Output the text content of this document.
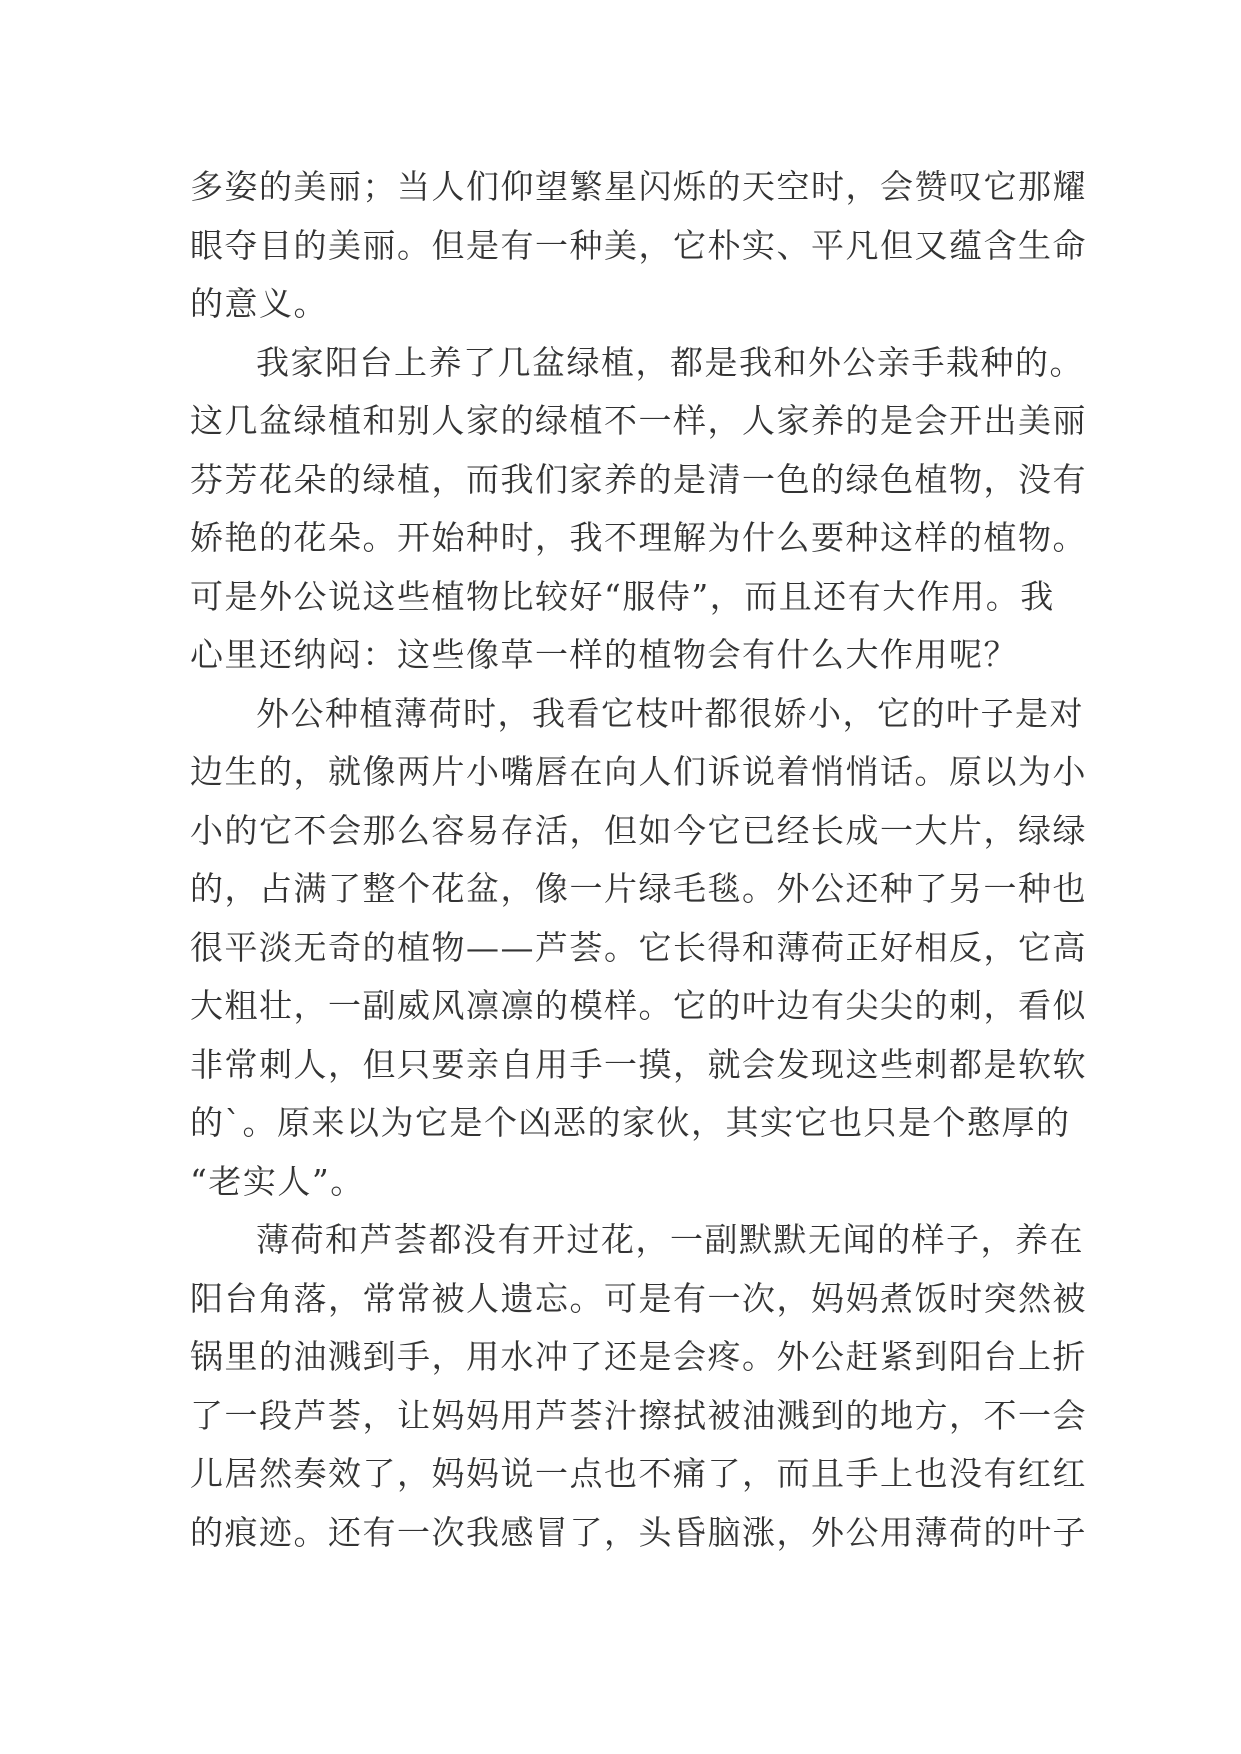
多姿的美丽；当人们仰望繁星闪烁的天空时，会赞叹它那耀
眼夺目的美丽。但是有一种美，它朴实、平凡但又蕴含生命
的意义。
我家阳台上养了几盆绿植，都是我和外公亲手栽种的。
这几盆绿植和别人家的绿植不一样，人家养的是会开出美丽
芬芳花朵的绿植，而我们家养的是清一色的绿色植物，没有
娇艳的花朵。开始种时，我不理解为什么要种这样的植物。
可是外公说这些植物比较好“服侍”，而且还有大作用。我
心里还纳闷：这些像草一样的植物会有什么大作用呢？
外公种植薄荷时，我看它枝叶都很娇小，它的叶子是对
边生的，就像两片小嘴唇在向人们诉说着悄悄话。原以为小
小的它不会那么容易存活，但如今它已经长成一大片，绿绿
的，占满了整个花盆，像一片绿毛毯。外公还种了另一种也
很平淡无奇的植物——芦荟。它长得和薄荷正好相反，它高
大粗壮，一副威风凛凛的模样。它的叶边有尖尖的刺，看似
非常刺人，但只要亲自用手一摸，就会发现这些刺都是软软
的`。原来以为它是个凶恶的家伙，其实它也只是个憨厚的
“老实人”。
薄荷和芦荟都没有开过花，一副默默无闻的样子，养在
阳台角落，常常被人遗忘。可是有一次，妈妈煮饭时突然被
锅里的油溅到手，用水冲了还是会疼。外公赶紧到阳台上折
了一段芦荟，让妈妈用芦荟汁擦拭被油溅到的地方，不一会
儿居然奏效了，妈妈说一点也不痛了，而且手上也没有红红
的痕迹。还有一次我感冒了，头昏脑涨，外公用薄荷的叶子
